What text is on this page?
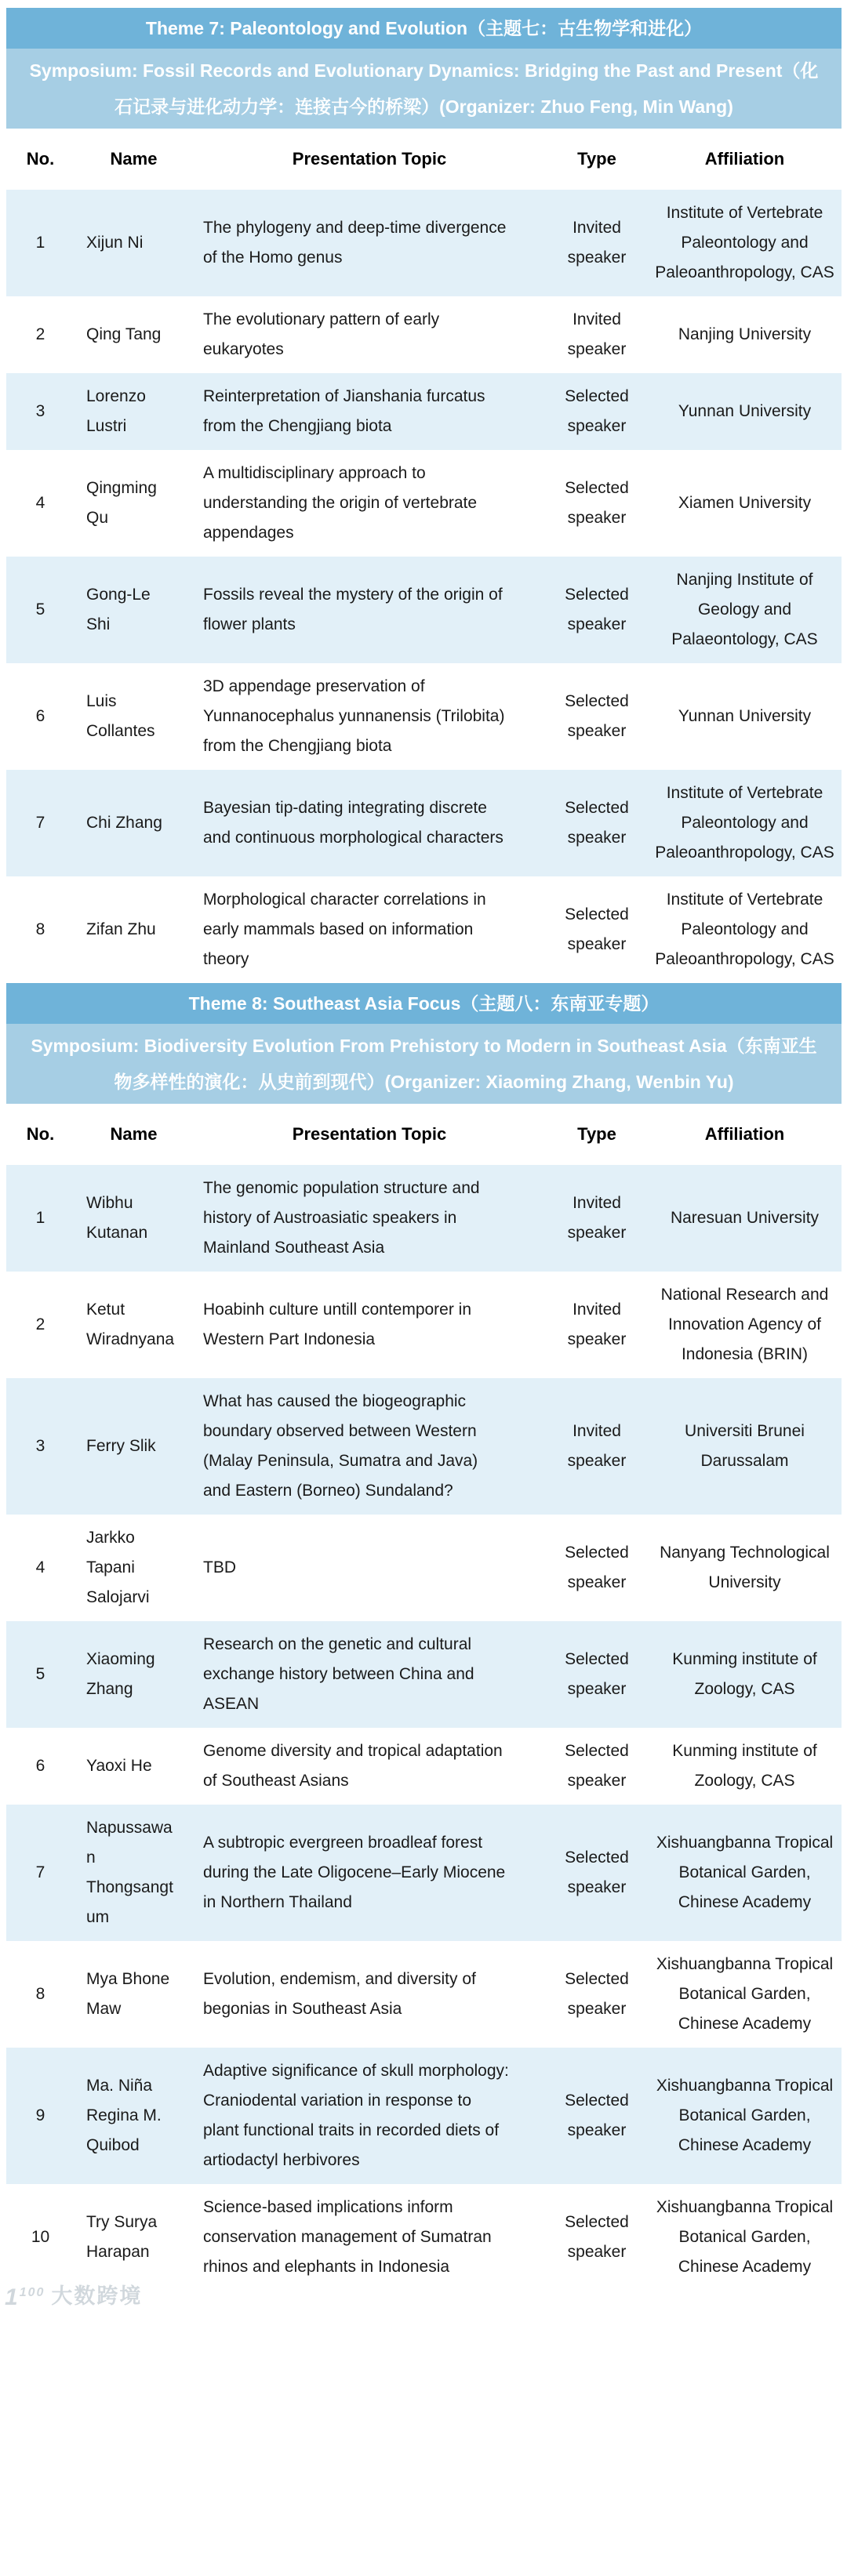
Theme 7: Paleontology and Evolution（主题七：古生物学和进化）
Symposium: Fossil Records and Evolutionary Dynamics: Bridging the Past and Present（化石记录与进化动力学：连接古今的桥梁）(Organizer: Zhuo Feng, Min Wang)
No.	Name	Presentation Topic	Type	Affiliation
1	Xijun Ni	The phylogeny and deep-time divergence of the Homo genus	Invited speaker	Institute of Vertebrate Paleontology and Paleoanthropology, CAS
2	Qing Tang	The evolutionary pattern of early eukaryotes	Invited speaker	Nanjing University
3	Lorenzo Lustri	Reinterpretation of Jianshania furcatus from the Chengjiang biota	Selected speaker	Yunnan University
4	Qingming Qu	A multidisciplinary approach to understanding the origin of vertebrate appendages	Selected speaker	Xiamen University
5	Gong-Le Shi	Fossils reveal the mystery of the origin of flower plants	Selected speaker	Nanjing Institute of Geology and Palaeontology, CAS
6	Luis Collantes	3D appendage preservation of Yunnanocephalus yunnanensis (Trilobita) from the Chengjiang biota	Selected speaker	Yunnan University
7	Chi Zhang	Bayesian tip-dating integrating discrete and continuous morphological characters	Selected speaker	Institute of Vertebrate Paleontology and Paleoanthropology, CAS
8	Zifan Zhu	Morphological character correlations in early mammals based on information theory	Selected speaker	Institute of Vertebrate Paleontology and Paleoanthropology, CAS
Theme 8: Southeast Asia Focus（主题八：东南亚专题）
Symposium: Biodiversity Evolution From Prehistory to Modern in Southeast Asia（东南亚生物多样性的演化：从史前到现代）(Organizer: Xiaoming Zhang, Wenbin Yu)
No.	Name	Presentation Topic	Type	Affiliation
1	Wibhu Kutanan	The genomic population structure and history of Austroasiatic speakers in Mainland Southeast Asia	Invited speaker	Naresuan University
2	Ketut Wiradnyana	Hoabinh culture untill contemporer in Western Part Indonesia	Invited speaker	National Research and Innovation Agency of Indonesia (BRIN)
3	Ferry Slik	What has caused the biogeographic boundary observed between Western (Malay Peninsula, Sumatra and Java) and Eastern (Borneo) Sundaland?	Invited speaker	Universiti Brunei Darussalam
4	Jarkko Tapani Salojarvi	TBD	Selected speaker	Nanyang Technological University
5	Xiaoming Zhang	Research on the genetic and cultural exchange history between China and ASEAN	Selected speaker	Kunming institute of Zoology, CAS
6	Yaoxi He	Genome diversity and tropical adaptation of Southeast Asians	Selected speaker	Kunming institute of Zoology, CAS
7	Napussawan Thongsangtum	A subtropic evergreen broadleaf forest during the Late Oligocene–Early Miocene in Northern Thailand	Selected speaker	Xishuangbanna Tropical Botanical Garden, Chinese Academy
8	Mya Bhone Maw	Evolution, endemism, and diversity of begonias in Southeast Asia	Selected speaker	Xishuangbanna Tropical Botanical Garden, Chinese Academy
9	Ma. Niña Regina M. Quibod	Adaptive significance of skull morphology: Craniodental variation in response to plant functional traits in recorded diets of artiodactyl herbivores	Selected speaker	Xishuangbanna Tropical Botanical Garden, Chinese Academy
10	Try Surya Harapan	Science-based implications inform conservation management of Sumatran rhinos and elephants in Indonesia	Selected speaker	Xishuangbanna Tropical Botanical Garden, Chinese Academy
$1^{100}$ 大数跨境
